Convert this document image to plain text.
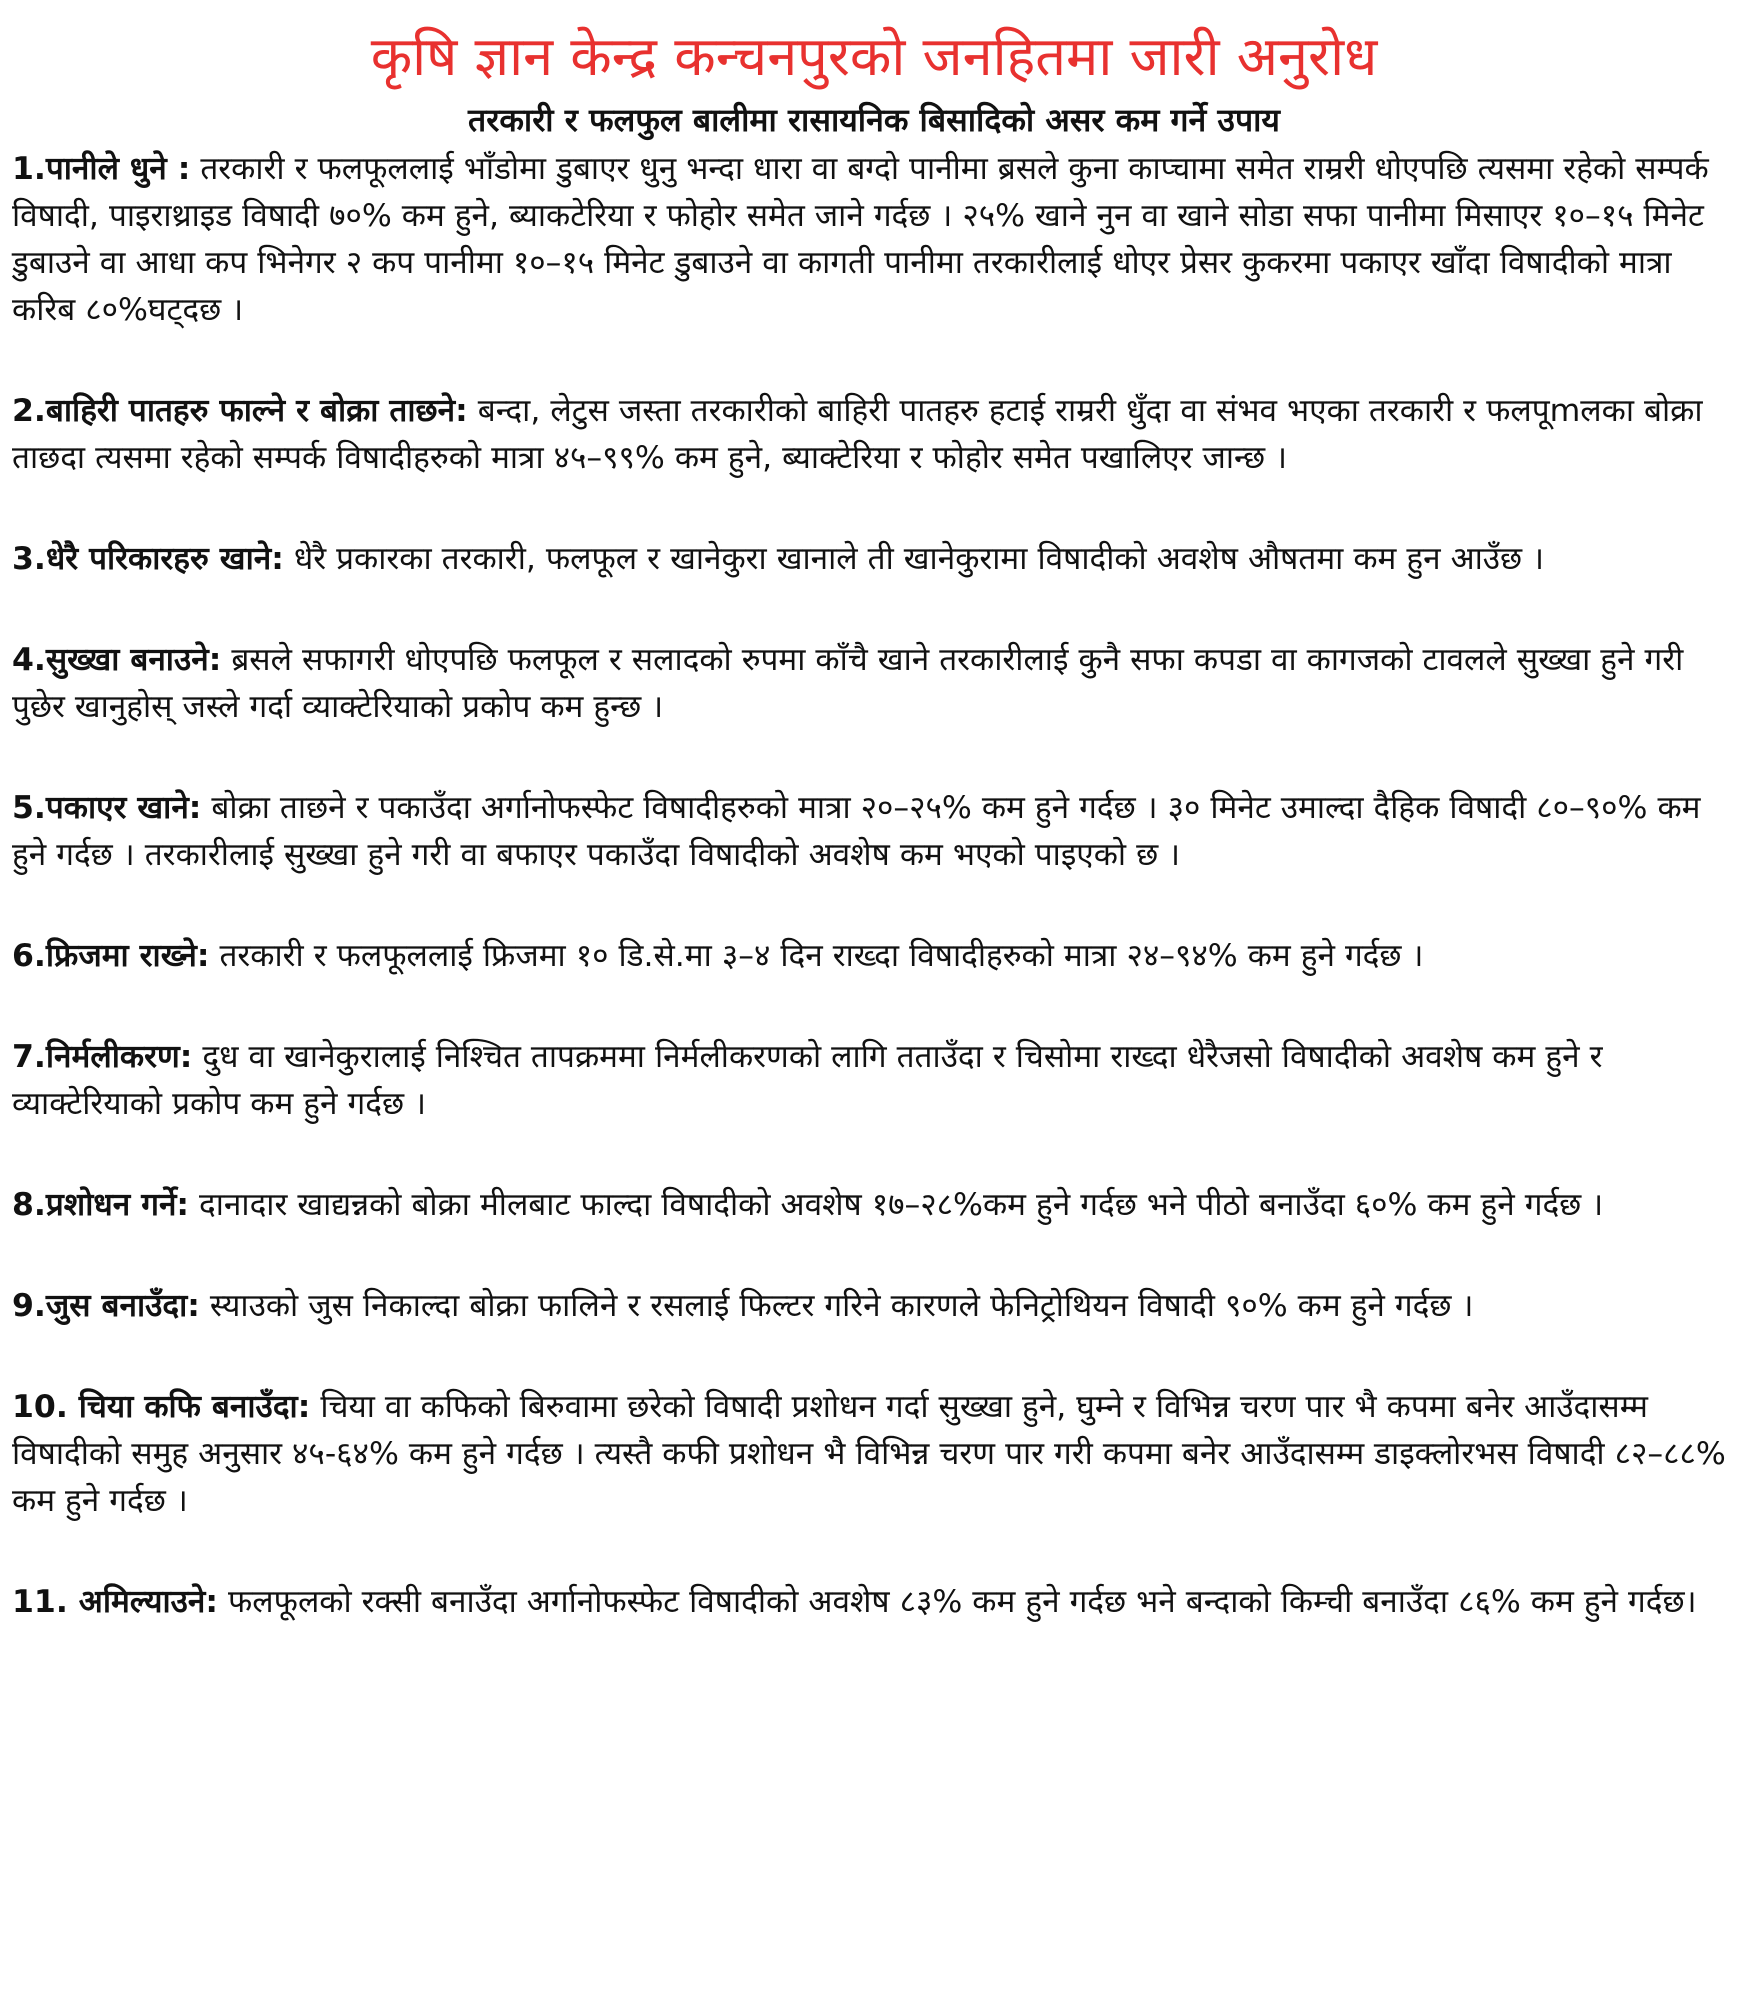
कृषि ज्ञान केन्द्र कन्चनपुरको जनहितमा जारी अनुरोध
तरकारी र फलफुल बालीमा रासायनिक बिसादिको असर कम गर्ने उपाय

1.पानीले धुने : तरकारी र फलफूललाई भाँडोमा डुबाएर धुनु भन्दा धारा वा बग्दो पानीमा ब्रसले कुना काप्चामा समेत राम्ररी धोएपछि त्यसमा रहेको सम्पर्क विषादी, पाइराथ्राइड विषादी ७०% कम हुने, ब्याकटेरिया र फोहोर समेत जाने गर्दछ । २५% खाने नुन वा खाने सोडा सफा पानीमा मिसाएर १०–१५ मिनेट डुबाउने वा आधा कप भिनेगर २ कप पानीमा १०–१५ मिनेट डुबाउने वा कागती पानीमा तरकारीलाई धोएर प्रेसर कुकरमा पकाएर खाँदा विषादीको मात्रा करिब ८०%घट्दछ ।

2.बाहिरी पातहरु फाल्ने र बोक्रा ताछने: बन्दा, लेटुस जस्ता तरकारीको बाहिरी पातहरु हटाई राम्ररी धुँदा वा संभव भएका तरकारी र फलपूmलका बोक्रा ताछदा त्यसमा रहेको सम्पर्क विषादीहरुको मात्रा ४५–९९% कम हुने, ब्याक्टेरिया र फोहोर समेत पखालिएर जान्छ ।

3.धेरै परिकारहरु खाने: धेरै प्रकारका तरकारी, फलफूल र खानेकुरा खानाले ती खानेकुरामा विषादीको अवशेष औषतमा कम हुन आउँछ ।

4.सुख्खा बनाउने: ब्रसले सफागरी धोएपछि फलफूल र सलादको रुपमा काँचै खाने तरकारीलाई कुनै सफा कपडा वा कागजको टावलले सुख्खा हुने गरी पुछेर खानुहोस् जस्ले गर्दा व्याक्टेरियाको प्रकोप कम हुन्छ ।

5.पकाएर खाने: बोक्रा ताछने र पकाउँदा अर्गानोफस्फेट विषादीहरुको मात्रा २०–२५% कम हुने गर्दछ । ३० मिनेट उमाल्दा दैहिक विषादी ८०–९०% कम हुने गर्दछ । तरकारीलाई सुख्खा हुने गरी वा बफाएर पकाउँदा विषादीको अवशेष कम भएको पाइएको छ ।

6.फ्रिजमा राख्ने: तरकारी र फलफूललाई फ्रिजमा १० डि.से.मा ३–४ दिन राख्दा विषादीहरुको मात्रा २४–९४% कम हुने गर्दछ ।

7.निर्मलीकरण: दुध वा खानेकुरालाई निश्चित तापक्रममा निर्मलीकरणको लागि तताउँदा र चिसोमा राख्दा धेरैजसो विषादीको अवशेष कम हुने र व्याक्टेरियाको प्रकोप कम हुने गर्दछ ।

8.प्रशोधन गर्ने: दानादार खाद्यन्नको बोक्रा मीलबाट फाल्दा विषादीको अवशेष १७–२८%कम हुने गर्दछ भने पीठो बनाउँदा ६०% कम हुने गर्दछ ।

9.जुस बनाउँदा: स्याउको जुस निकाल्दा बोक्रा फालिने र रसलाई फिल्टर गरिने कारणले फेनिट्रोथियन विषादी ९०% कम हुने गर्दछ ।

10. चिया कफि बनाउँदा: चिया वा कफिको बिरुवामा छरेको विषादी प्रशोधन गर्दा सुख्खा हुने, घुम्ने र विभिन्न चरण पार भै कपमा बनेर आउँदासम्म विषादीको समुह अनुसार ४५-६४% कम हुने गर्दछ । त्यस्तै कफी प्रशोधन भै विभिन्न चरण पार गरी कपमा बनेर आउँदासम्म डाइक्लोरभस विषादी ८२–८८% कम हुने गर्दछ ।

11. अमिल्याउने: फलफूलको रक्सी बनाउँदा अर्गानोफस्फेट विषादीको अवशेष ८३% कम हुने गर्दछ भने बन्दाको किम्ची बनाउँदा ८६% कम हुने गर्दछ।
